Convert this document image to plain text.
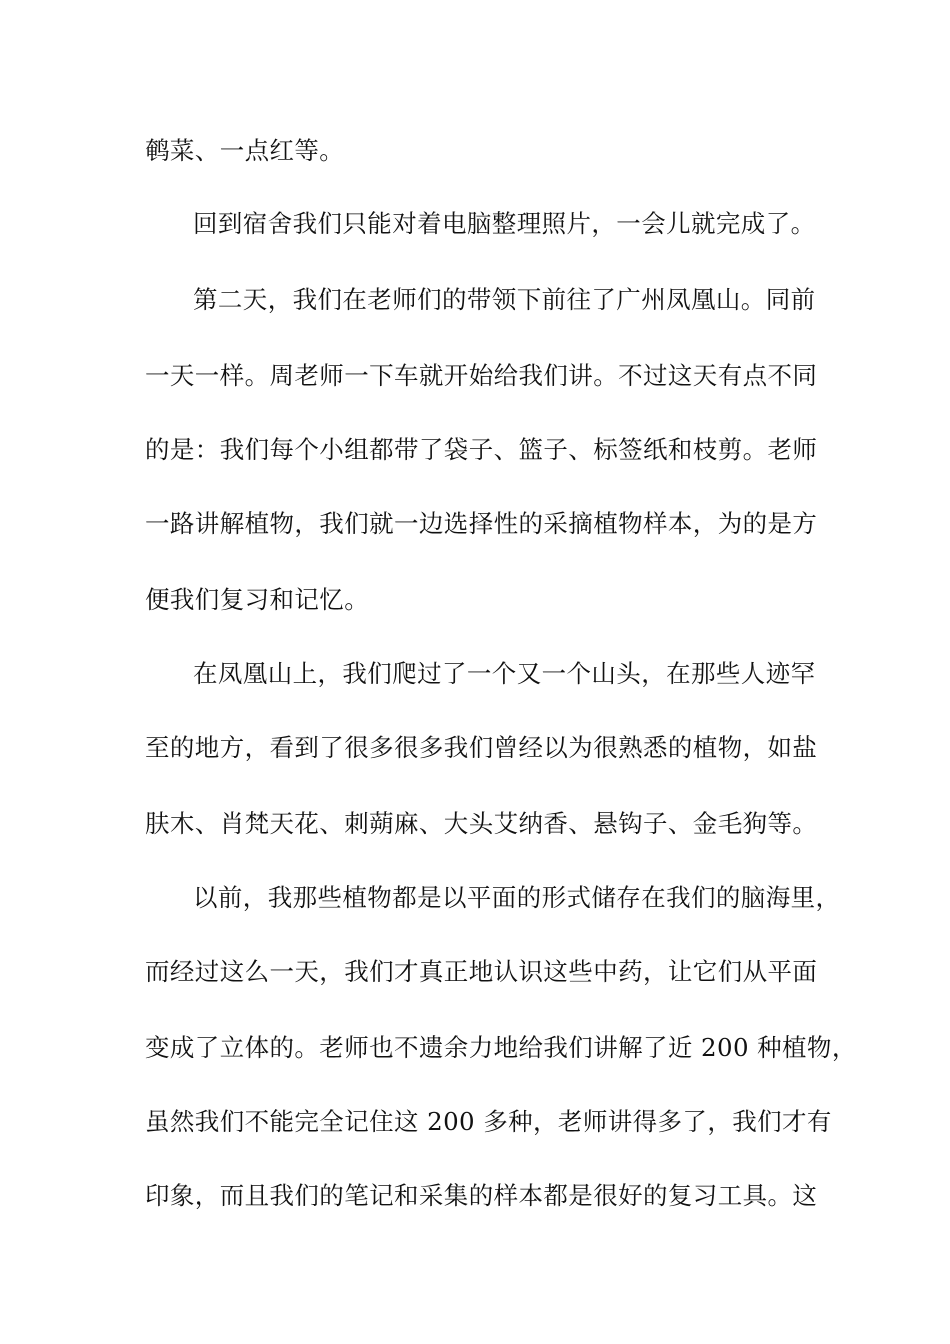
鹌菜、一点红等。
回到宿舍我们只能对着电脑整理照片，一会儿就完成了。
第二天，我们在老师们的带领下前往了广州凤凰山。同前
一天一样。周老师一下车就开始给我们讲。不过这天有点不同
的是：我们每个小组都带了袋子、篮子、标签纸和枝剪。老师
一路讲解植物，我们就一边选择性的采摘植物样本，为的是方
便我们复习和记忆。
在凤凰山上，我们爬过了一个又一个山头，在那些人迹罕
至的地方，看到了很多很多我们曾经以为很熟悉的植物，如盐
肤木、肖梵天花、刺蒴麻、大头艾纳香、悬钩子、金毛狗等。
以前，我那些植物都是以平面的形式储存在我们的脑海里，
而经过这么一天，我们才真正地认识这些中药，让它们从平面
变成了立体的。老师也不遗余力地给我们讲解了近 200 种植物，
虽然我们不能完全记住这 200 多种，老师讲得多了，我们才有
印象，而且我们的笔记和采集的样本都是很好的复习工具。这
